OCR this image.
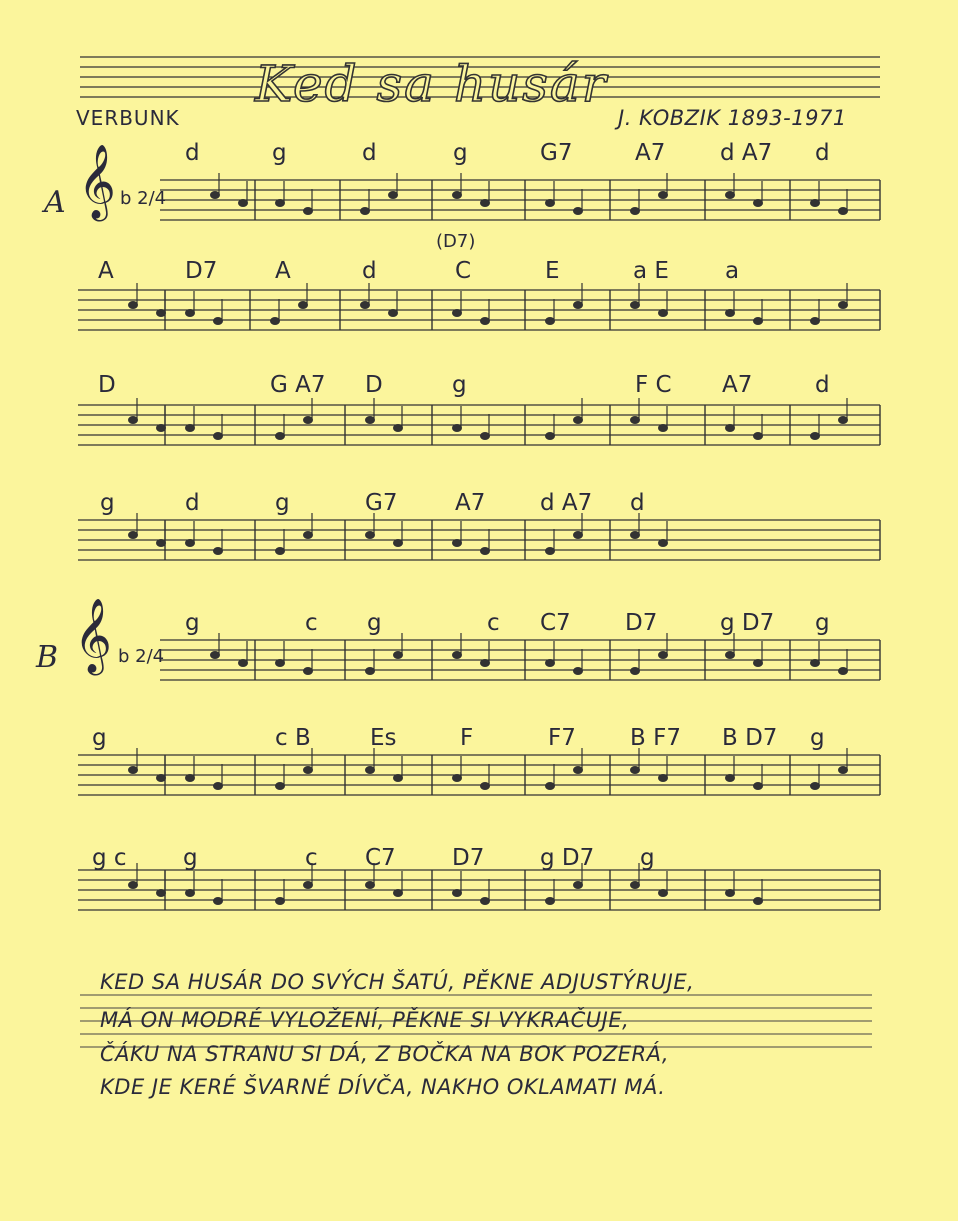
Ked sa husár
VERBUNK	J. KOBZIK 1893-1971
A 𝄞 b 2/4
B 𝄞 b 2/4
d	g	d	g	G7	A7 d A7 d
A	D7	A	d	C	E	a E a
D	G A7 D	g	F C A7	d
g	d	g	G7	A7 d A7 d
g	c g	c C7 D7	g D7 g
g	c B	Es	F	F7 B F7 B D7 g
g c g	c C7 D7 g D7 g
(D7)
KED SA HUSÁR DO SVÝCH ŠATÚ, PĚKNE ADJUSTÝRUJE,
MÁ ON MODRÉ VYLOŽENÍ, PĚKNE SI VYKRAČUJE,
ČÁKU NA STRANU SI DÁ, Z BOČKA NA BOK POZERÁ,
KDE JE KERÉ ŠVARNÉ DÍVČA, NAKHO OKLAMATI MÁ.
